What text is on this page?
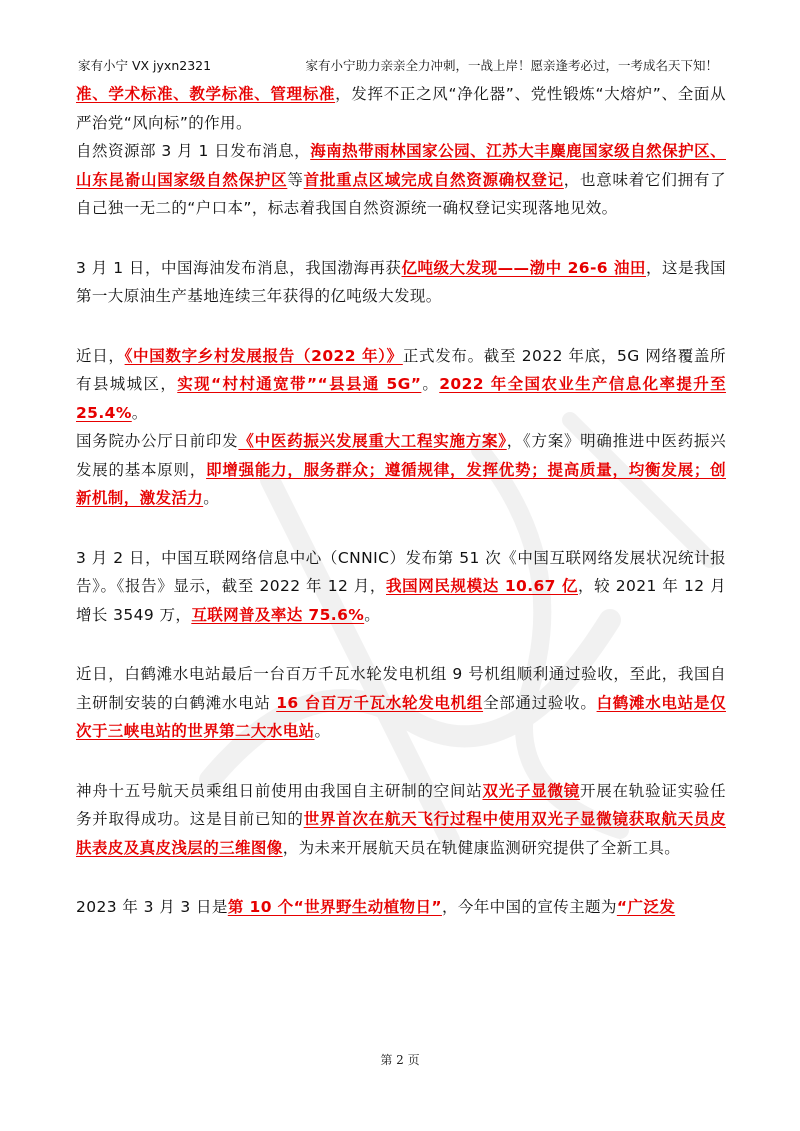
家有小宁 VX jyxn2321	家有小宁助力亲亲全力冲刺，一战上岸！愿亲逢考必过，一考成名天下知！

准、学术标准、教学标准、管理标准，发挥不正之风“净化器”、党性锻炼“大熔炉”、全面从严治党“风向标”的作用。

自然资源部 3 月 1 日发布消息，海南热带雨林国家公园、江苏大丰麋鹿国家级自然保护区、山东昆嵛山国家级自然保护区等首批重点区域完成自然资源确权登记，也意味着它们拥有了自己独一无二的“户口本”，标志着我国自然资源统一确权登记实现落地见效。

3 月 1 日，中国海油发布消息，我国渤海再获亿吨级大发现——渤中 26-6 油田，这是我国第一大原油生产基地连续三年获得的亿吨级大发现。

近日，《中国数字乡村发展报告（2022 年）》正式发布。截至 2022 年底，5G 网络覆盖所有县城城区，实现“村村通宽带”“县县通 5G”。2022 年全国农业生产信息化率提升至 25.4%。

国务院办公厅日前印发《中医药振兴发展重大工程实施方案》，《方案》明确推进中医药振兴发展的基本原则，即增强能力，服务群众；遵循规律，发挥优势；提高质量，均衡发展；创新机制，激发活力。

3 月 2 日，中国互联网络信息中心（CNNIC）发布第 51 次《中国互联网络发展状况统计报告》。《报告》显示，截至 2022 年 12 月，我国网民规模达 10.67 亿，较 2021 年 12 月增长 3549 万，互联网普及率达 75.6%。

近日，白鹤滩水电站最后一台百万千瓦水轮发电机组 9 号机组顺利通过验收，至此，我国自主研制安装的白鹤滩水电站 16 台百万千瓦水轮发电机组全部通过验收。白鹤滩水电站是仅次于三峡电站的世界第二大水电站。

神舟十五号航天员乘组日前使用由我国自主研制的空间站双光子显微镜开展在轨验证实验任务并取得成功。这是目前已知的世界首次在航天飞行过程中使用双光子显微镜获取航天员皮肤表皮及真皮浅层的三维图像，为未来开展航天员在轨健康监测研究提供了全新工具。

2023 年 3 月 3 日是第 10 个“世界野生动植物日”，今年中国的宣传主题为“广泛发

第 2 页
